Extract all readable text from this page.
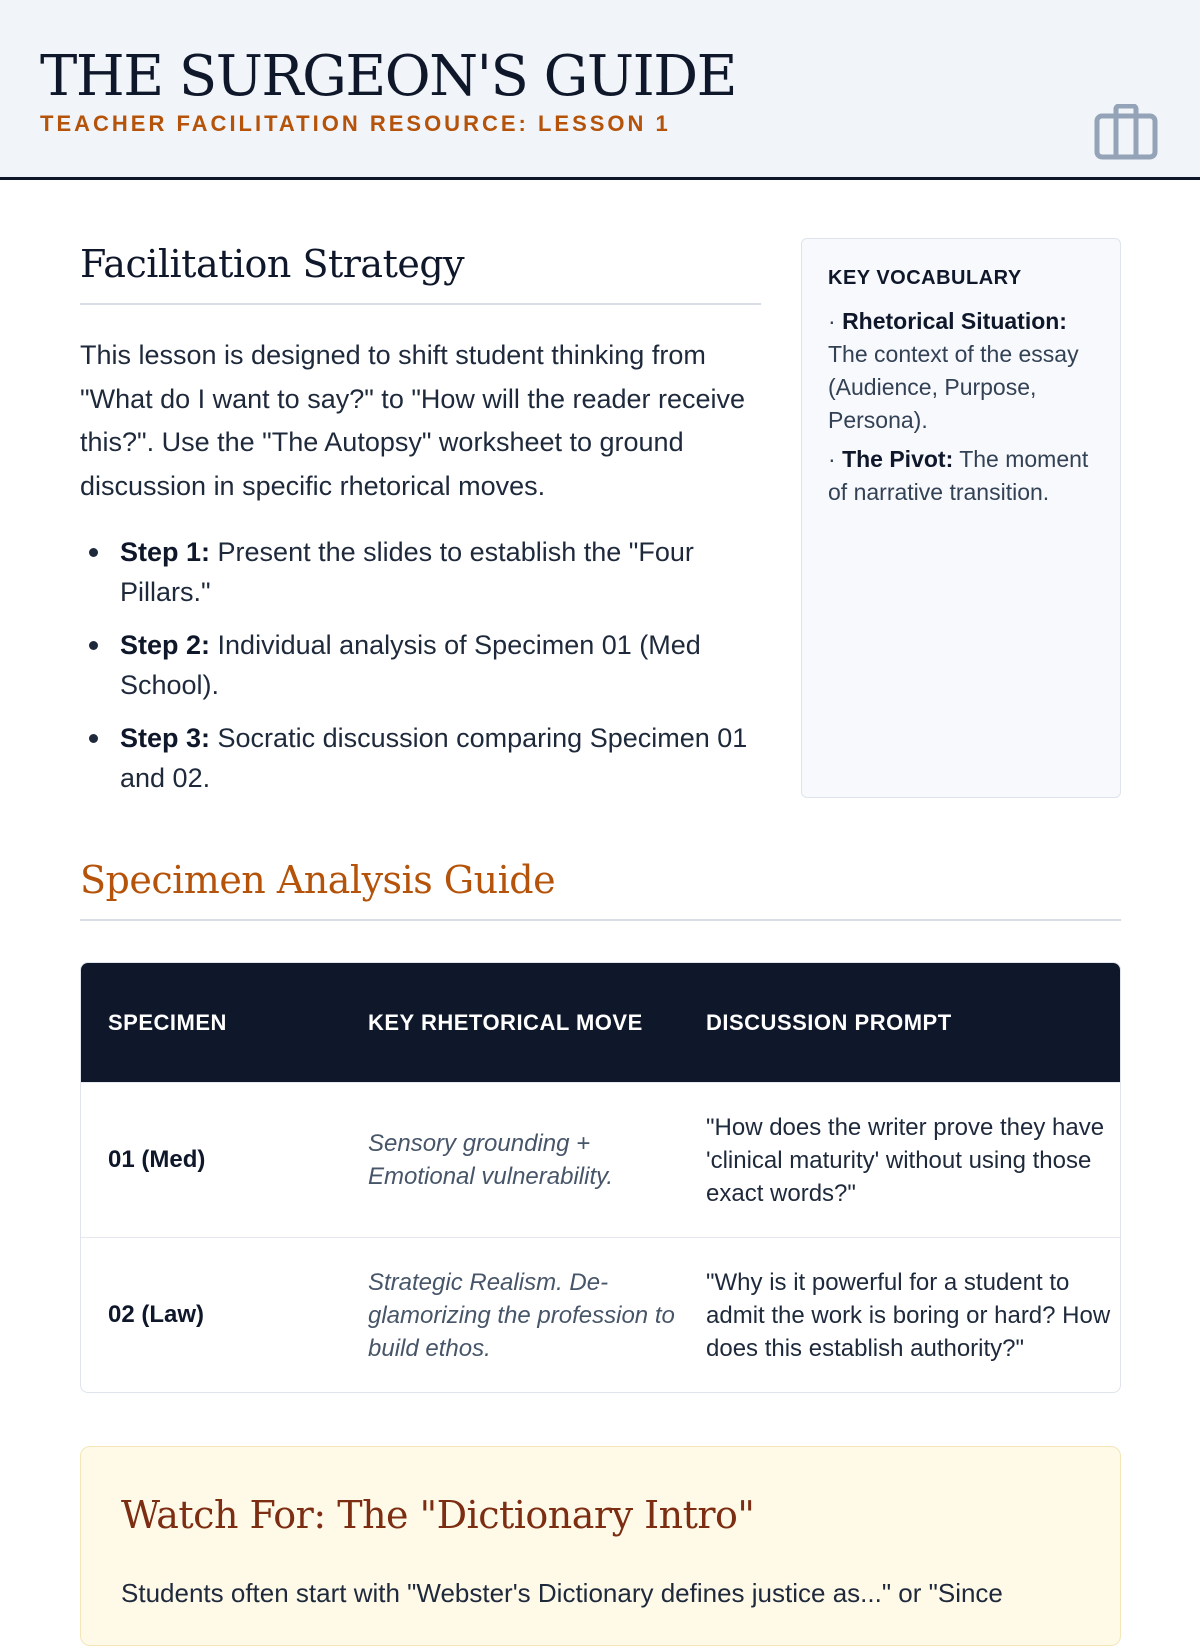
THE SURGEON'S GUIDE
TEACHER FACILITATION RESOURCE: LESSON 1
Facilitation Strategy
This lesson is designed to shift student thinking from "What do I want to say?" to "How will the reader receive this?". Use the "The Autopsy" worksheet to ground discussion in specific rhetorical moves.
Step 1: Present the slides to establish the "Four Pillars."
Step 2: Individual analysis of Specimen 01 (Med School).
Step 3: Socratic discussion comparing Specimen 01 and 02.
KEY VOCABULARY
· Rhetorical Situation: The context of the essay (Audience, Purpose, Persona).
· The Pivot: The moment of narrative transition.
Specimen Analysis Guide
SPECIMEN	KEY RHETORICAL MOVE	DISCUSSION PROMPT
01 (Med)
Sensory grounding + Emotional vulnerability.
"How does the writer prove they have 'clinical maturity' without using those exact words?"
02 (Law)
Strategic Realism. De-glamorizing the profession to build ethos.
"Why is it powerful for a student to admit the work is boring or hard? How does this establish authority?"
Watch For: The "Dictionary Intro"
Students often start with "Webster's Dictionary defines justice as..." or "Since
